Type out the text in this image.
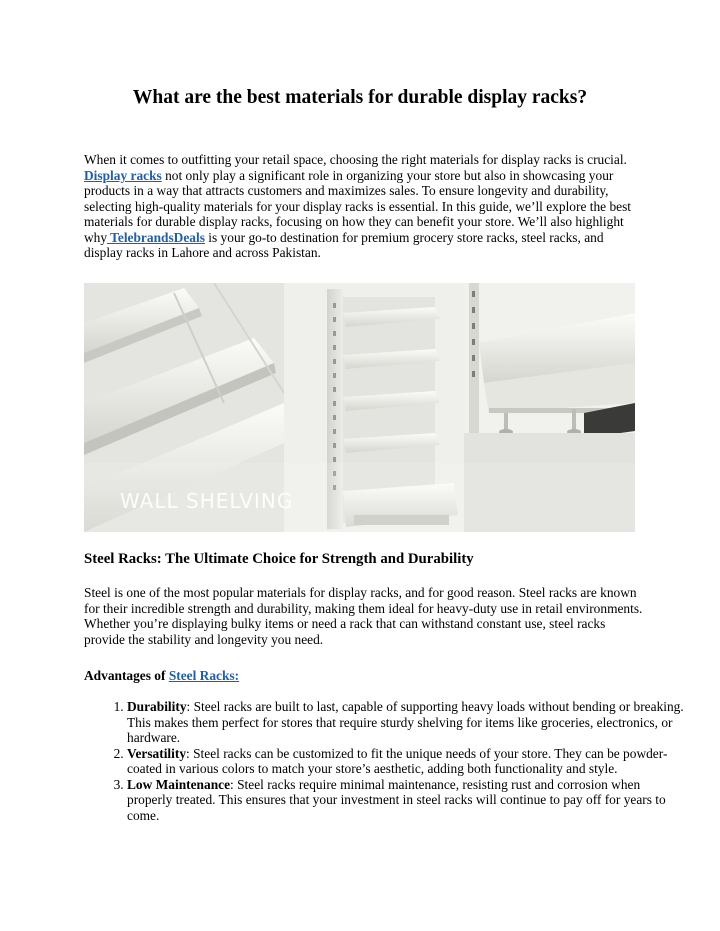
What are the best materials for durable display racks?

When it comes to outfitting your retail space, choosing the right materials for display racks is crucial. Display racks not only play a significant role in organizing your store but also in showcasing your products in a way that attracts customers and maximizes sales. To ensure longevity and durability, selecting high-quality materials for your display racks is essential. In this guide, we’ll explore the best materials for durable display racks, focusing on how they can benefit your store. We’ll also highlight why TelebrandsDeals is your go-to destination for premium grocery store racks, steel racks, and display racks in Lahore and across Pakistan.

WALL SHELVING
Steel Racks: The Ultimate Choice for Strength and Durability

Steel is one of the most popular materials for display racks, and for good reason. Steel racks are known for their incredible strength and durability, making them ideal for heavy-duty use in retail environments. Whether you’re displaying bulky items or need a rack that can withstand constant use, steel racks provide the stability and longevity you need.

Advantages of Steel Racks:

1. Durability: Steel racks are built to last, capable of supporting heavy loads without bending or breaking. This makes them perfect for stores that require sturdy shelving for items like groceries, electronics, or hardware.
2. Versatility: Steel racks can be customized to fit the unique needs of your store. They can be powder-coated in various colors to match your store’s aesthetic, adding both functionality and style.
3. Low Maintenance: Steel racks require minimal maintenance, resisting rust and corrosion when properly treated. This ensures that your investment in steel racks will continue to pay off for years to come.
